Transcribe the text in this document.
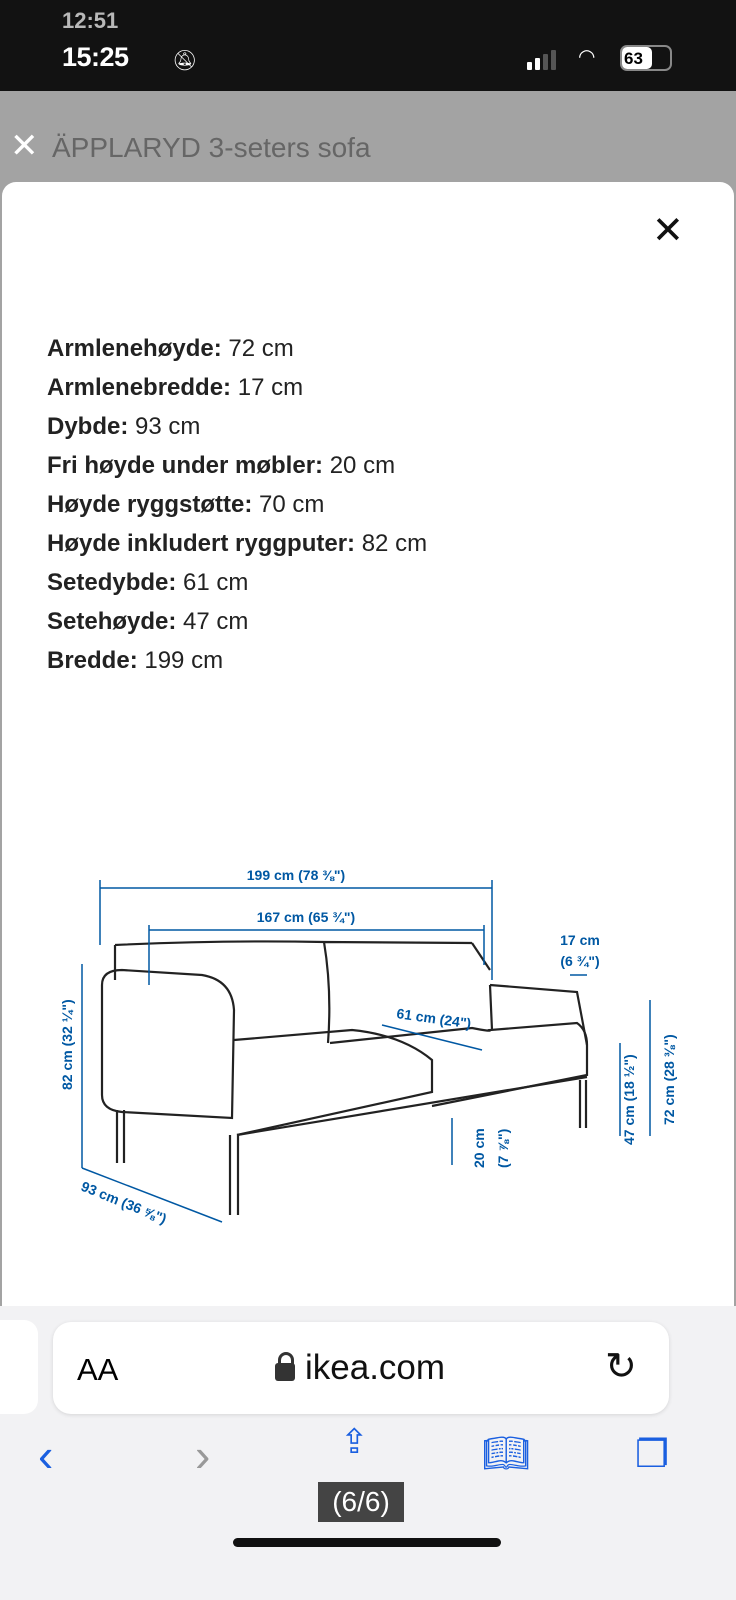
12:51
15:25 🔕︎	◠ 63
ÄPPLARYD 3-seters sofa
✕
✕
Armlenehøyde: 72 cm
Armlenebredde: 17 cm
Dybde: 93 cm
Fri høyde under møbler: 20 cm
Høyde ryggstøtte: 70 cm
Høyde inkludert ryggputer: 82 cm
Setedybde: 61 cm
Setehøyde: 47 cm
Bredde: 199 cm
199 cm (78 ⅜")
167 cm (65 ¾")
17 cm
(6 ¾")
61 cm (24")
82 cm (32 ¼")	72 cm (28 ⅜")
47 cm (18 ½")
20 cm (7 ⅞")
93 cm (36 ⅝")
AA	ikea.com	↻
‹	›	⇪	📖︎	❐
(6/6)
